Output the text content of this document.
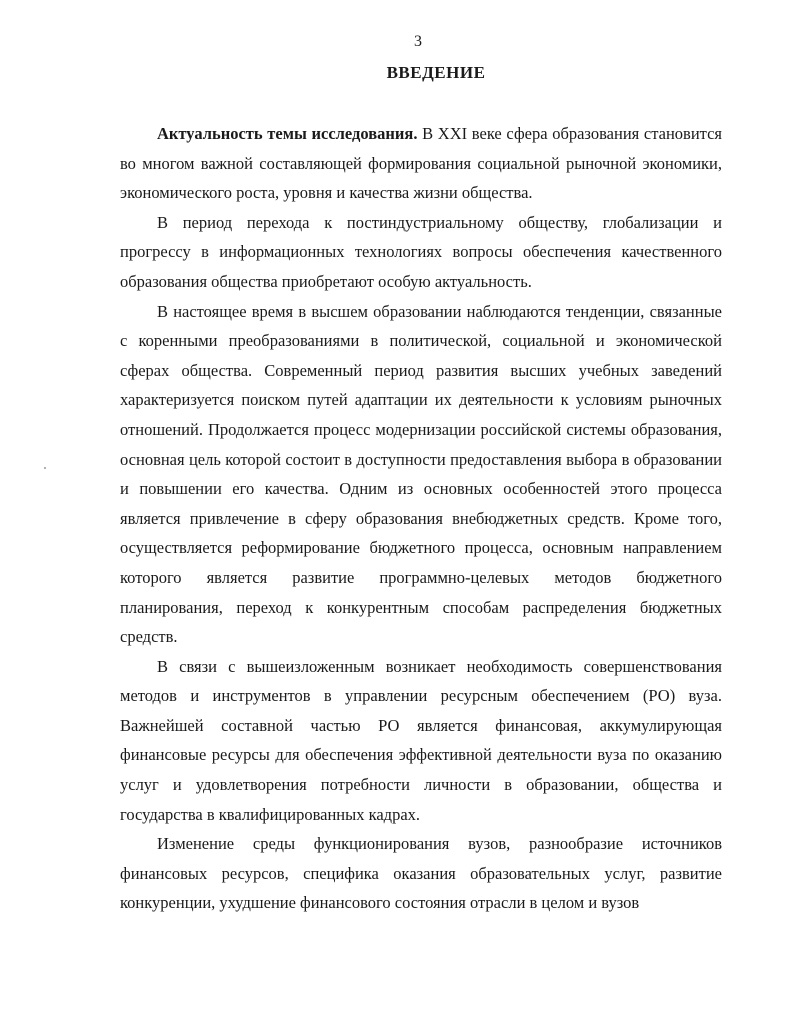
3
ВВЕДЕНИЕ

Актуальность темы исследования. В XXI веке сфера образования становится во многом важной составляющей формирования социальной рыночной экономики, экономического роста, уровня и качества жизни общества.

В период перехода к постиндустриальному обществу, глобализации и прогрессу в информационных технологиях вопросы обеспечения качественного образования общества приобретают особую актуальность.

В настоящее время в высшем образовании наблюдаются тенденции, связанные с коренными преобразованиями в политической, социальной и экономической сферах общества. Современный период развития высших учебных заведений характеризуется поиском путей адаптации их деятельности к условиям рыночных отношений. Продолжается процесс модернизации российской системы образования, основная цель которой состоит в доступности предоставления выбора в образовании и повышении его качества. Одним из основных особенностей этого процесса является привлечение в сферу образования внебюджетных средств. Кроме того, осуществляется реформирование бюджетного процесса, основным направлением которого является развитие программно-целевых методов бюджетного планирования, переход к конкурентным способам распределения бюджетных средств.

В связи с вышеизложенным возникает необходимость совершенствования методов и инструментов в управлении ресурсным обеспечением (РО) вуза. Важнейшей составной частью РО является финансовая, аккумулирующая финансовые ресурсы для обеспечения эффективной деятельности вуза по оказанию услуг и удовлетворения потребности личности в образовании, общества и государства в квалифицированных кадрах.

Изменение среды функционирования вузов, разнообразие источников финансовых ресурсов, специфика оказания образовательных услуг, развитие конкуренции, ухудшение финансового состояния отрасли в целом и вузов
